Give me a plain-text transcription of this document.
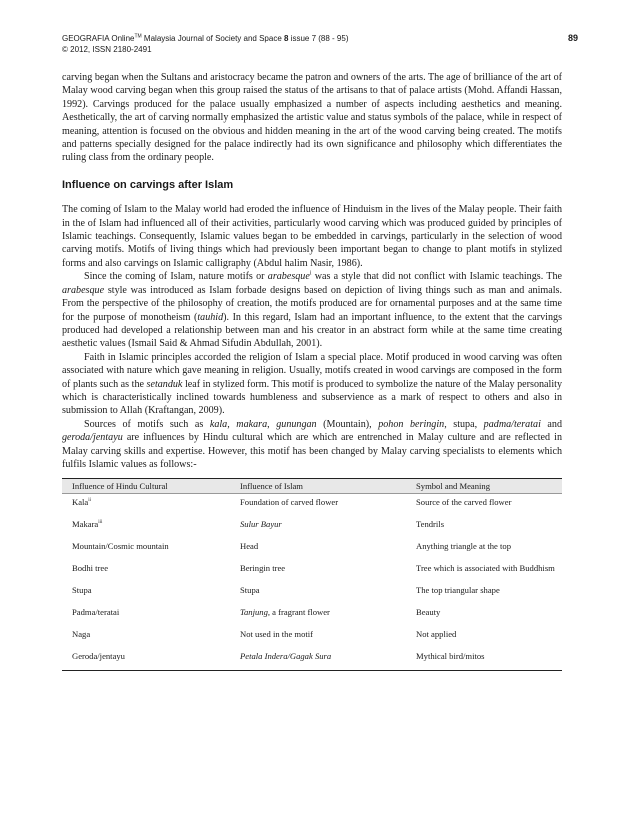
GEOGRAFIA Online™ Malaysia Journal of Society and Space 8 issue 7 (88 - 95)	89
© 2012, ISSN 2180-2491

carving began when the Sultans and aristocracy became the patron and owners of the arts. The age of brilliance of the art of Malay wood carving began when this group raised the status of the artisans to that of palace artists (Mohd. Affandi Hassan, 1992). Carvings produced for the palace usually emphasized a number of aspects including aesthetics and meaning. Aesthetically, the art of carving normally emphasized the artistic value and status symbols of the palace, while in respect of meaning, attention is focused on the obvious and hidden meaning in the art of the wood carving being created. The motifs and patterns specially designed for the palace indirectly had its own significance and philosophy which differentiates the ruling class from the ordinary people.

Influence on carvings after Islam

The coming of Islam to the Malay world had eroded the influence of Hinduism in the lives of the Malay people. Their faith in the of Islam had influenced all of their activities, particularly wood carving which was produced guided by principles of Islamic teachings. Consequently, Islamic values began to be embedded in carvings, particularly in the selection of wood carving motifs. Motifs of living things which had previously been important began to change to plant motifs in stylized forms and also carvings on Islamic calligraphy (Abdul halim Nasir, 1986).

Since the coming of Islam, nature motifs or arabesque$^i$ was a style that did not conflict with Islamic teachings. The arabesque style was introduced as Islam forbade designs based on depiction of living things such as man and animals. From the perspective of the philosophy of creation, the motifs produced are for ornamental purposes and at the same time for the purpose of monotheism (tauhid). In this regard, Islam had an important influence, to the extent that the carvings produced had developed a relationship between man and his creator in an abstract form while at the same time creating aesthetic values (Ismail Said & Ahmad Sifudin Abdullah, 2001).

Faith in Islamic principles accorded the religion of Islam a special place. Motif produced in wood carving was often associated with nature which gave meaning in religion. Usually, motifs created in wood carvings are composed in the form of plants such as the setanduk leaf in stylized form. This motif is produced to symbolize the nature of the Malay personality which is characteristically inclined towards humbleness and subservience as a mark of respect to others and also in submission to Allah (Kraftangan, 2009).

Sources of motifs such as kala, makara, gunungan (Mountain), pohon beringin, stupa, padma/teratai and geroda/jentayu are influences by Hindu cultural which are which are entrenched in Malay culture and are reflected in Malay carving skills and expertise. However, this motif has been changed by Malay carving specialists to elements which fulfils Islamic values as follows:-

Influence of Hindu Cultural	Influence of Islam	Symbol and Meaning
Kala$^{ii}$	Foundation of carved flower	Source of the carved flower
Makara$^{iii}$	Sulur Bayur	Tendrils
Mountain/Cosmic mountain	Head	Anything triangle at the top
Bodhi tree	Beringin tree	Tree which is associated with Buddhism
Stupa	Stupa	The top triangular shape
Padma/teratai	Tanjung, a fragrant flower	Beauty
Naga	Not used in the motif	Not applied
Geroda/jentayu	Petala Indera/Gagak Sura	Mythical bird/mitos
